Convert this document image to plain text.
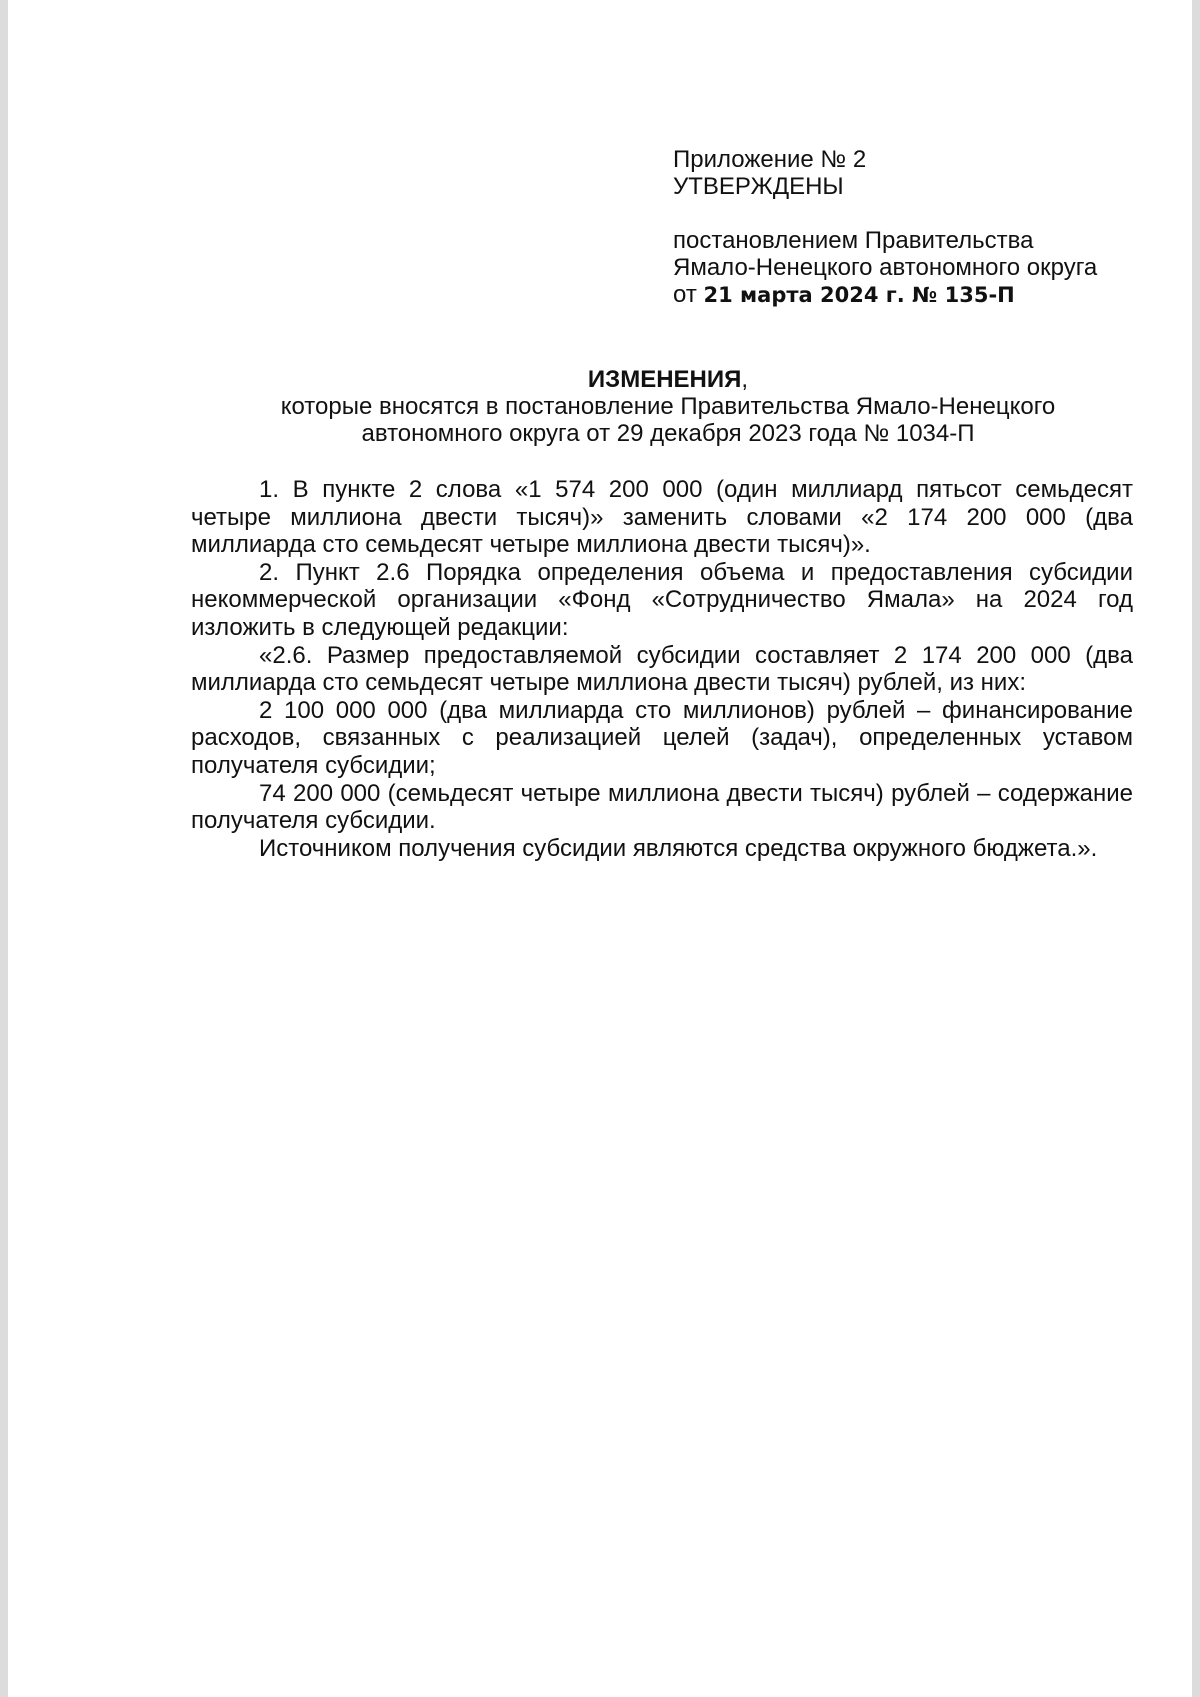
Приложение № 2
УТВЕРЖДЕНЫ
постановлением Правительства
Ямало-Ненецкого автономного округа
от 21 марта 2024 г. № 135-П
ИЗМЕНЕНИЯ,
которые вносятся в постановление Правительства Ямало-Ненецкого
автономного округа от 29 декабря 2023 года № 1034-П

1. В пункте 2 слова «1 574 200 000 (один миллиард пятьсот семьдесят четыре миллиона двести тысяч)» заменить словами «2 174 200 000 (два миллиарда сто семьдесят четыре миллиона двести тысяч)».

2. Пункт 2.6 Порядка определения объема и предоставления субсидии некоммерческой организации «Фонд «Сотрудничество Ямала» на 2024 год изложить в следующей редакции:

«2.6. Размер предоставляемой субсидии составляет 2 174 200 000 (два миллиарда сто семьдесят четыре миллиона двести тысяч) рублей, из них:

2 100 000 000 (два миллиарда сто миллионов) рублей – финансирование расходов, связанных с реализацией целей (задач), определенных уставом получателя субсидии;

74 200 000 (семьдесят четыре миллиона двести тысяч) рублей – содержание получателя субсидии.

Источником получения субсидии являются средства окружного бюджета.».
